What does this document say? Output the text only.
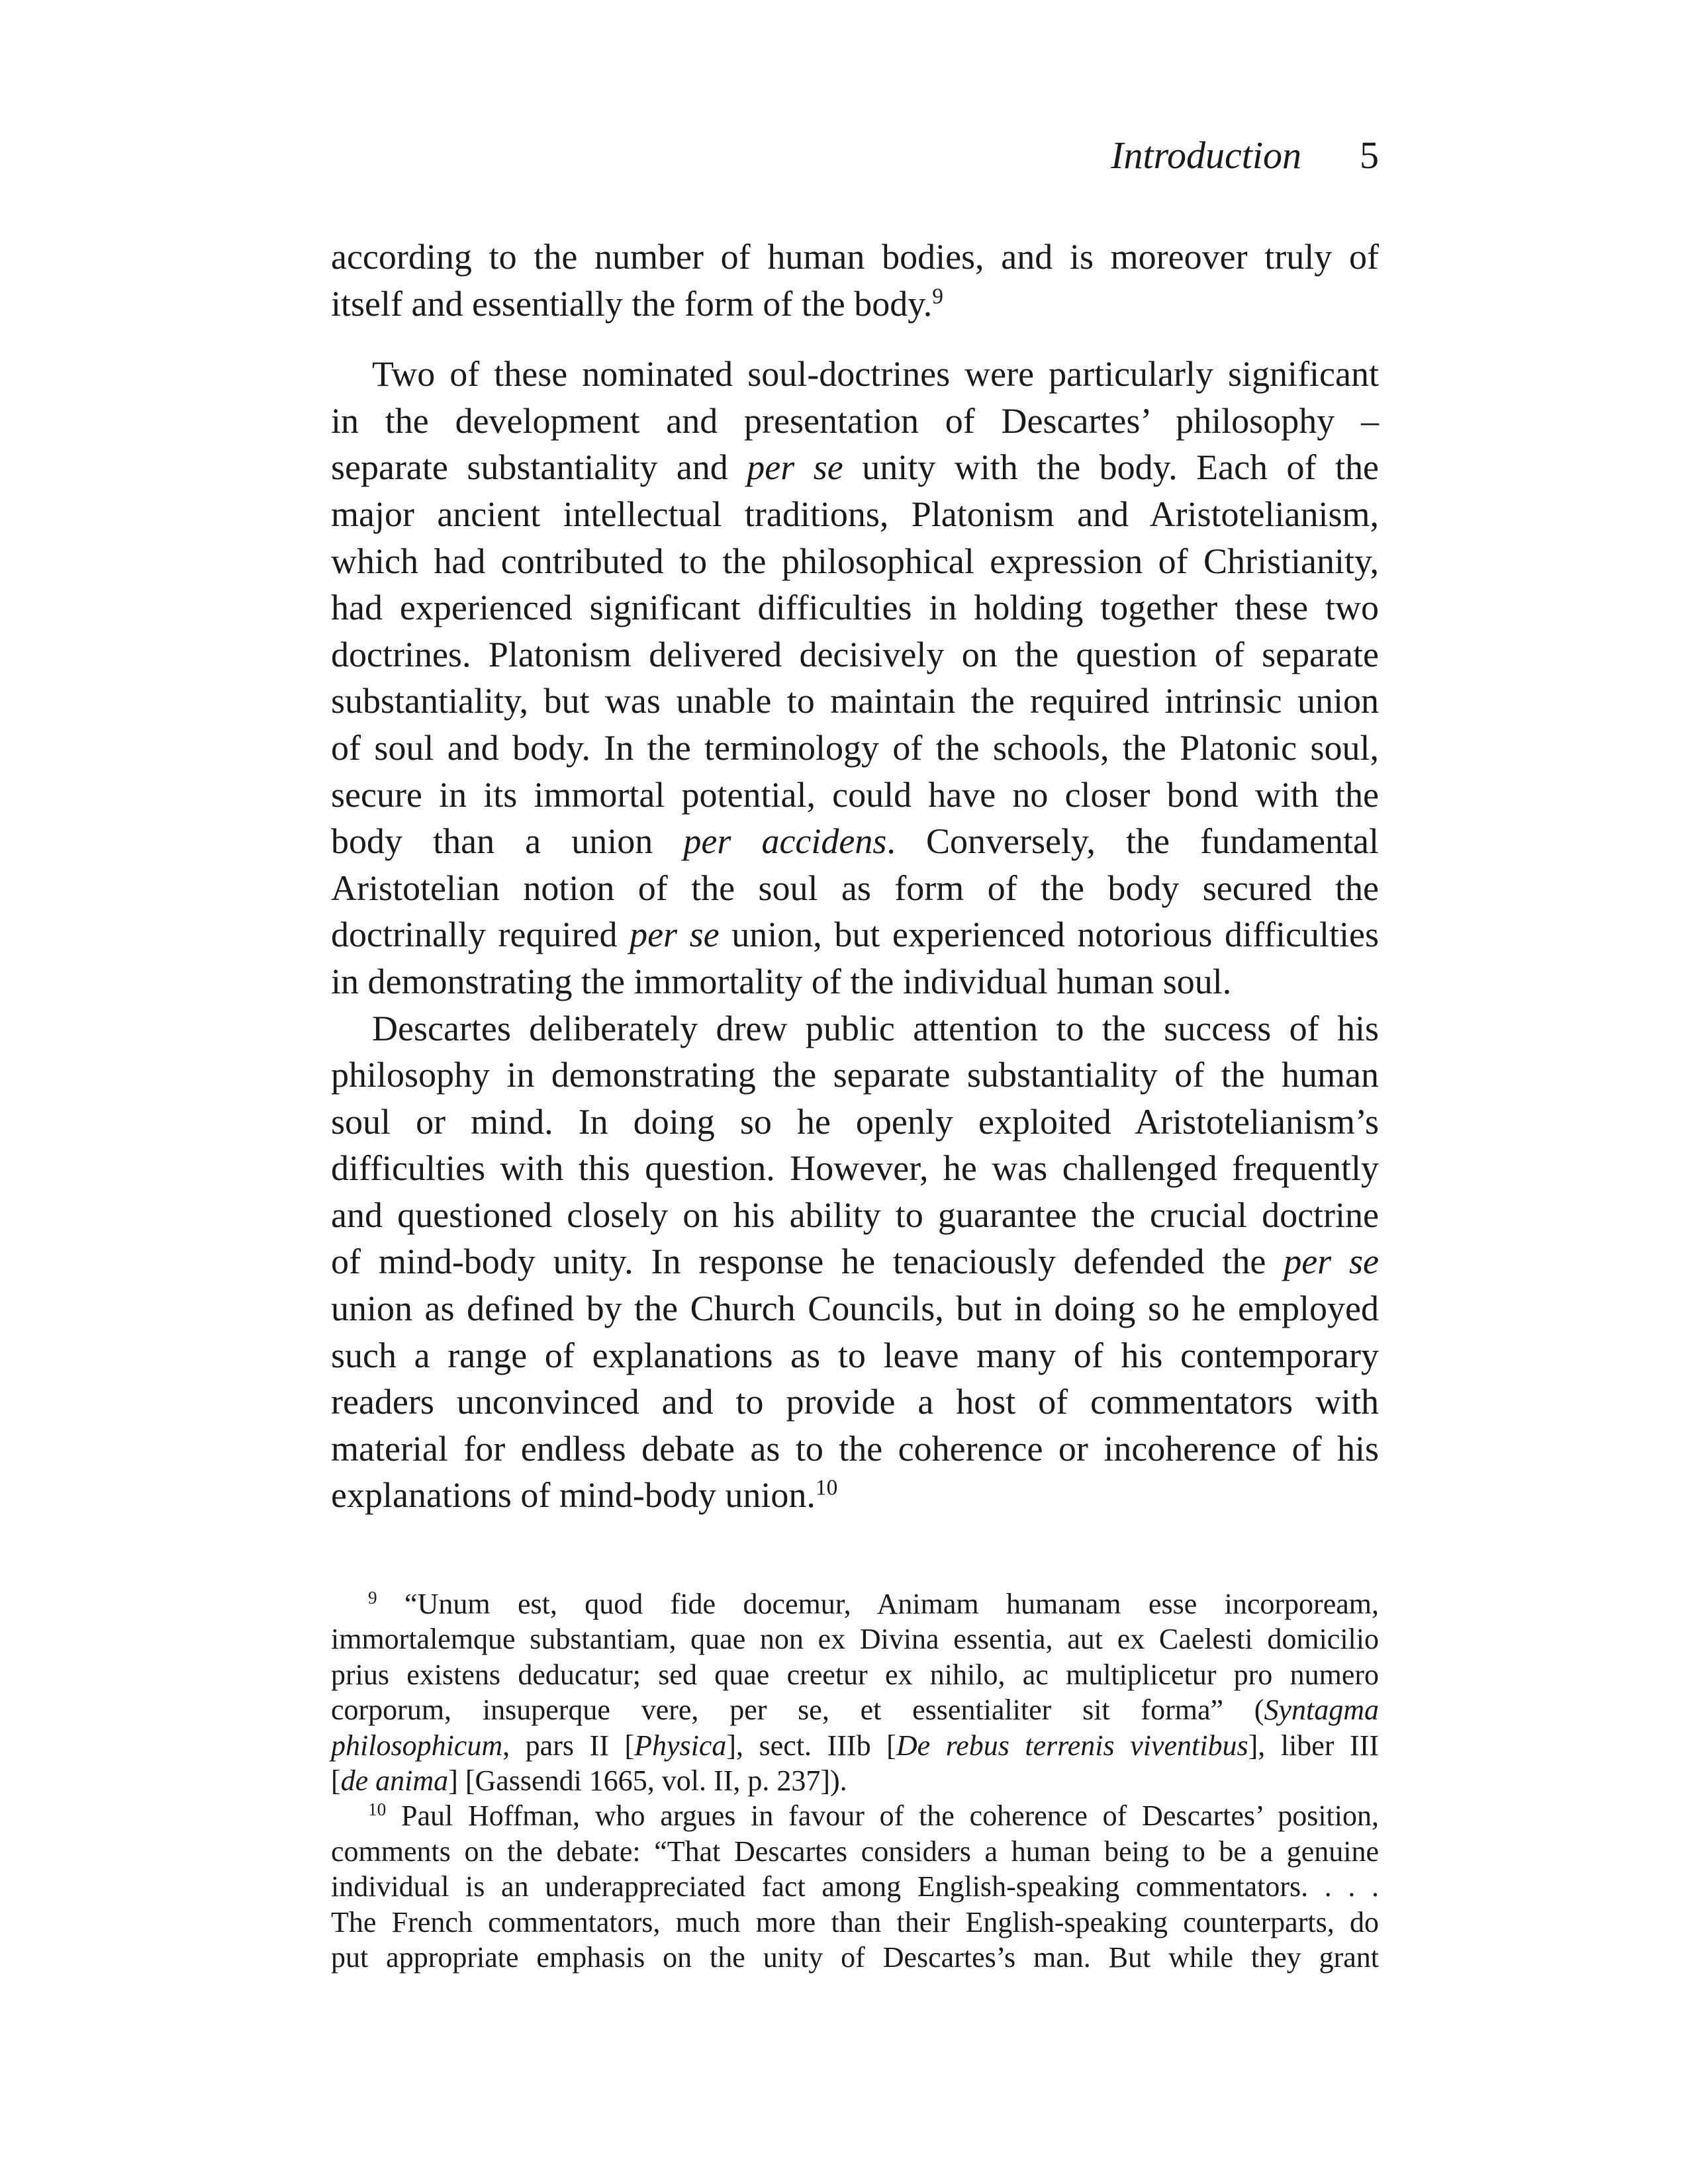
Introduction 5
according to the number of human bodies, and is moreover truly of
itself and essentially the form of the body.$^9$
Two of these nominated soul-doctrines were particularly significant
in the development and presentation of Descartes’ philosophy –
separate substantiality and per se unity with the body. Each of the
major ancient intellectual traditions, Platonism and Aristotelianism,
which had contributed to the philosophical expression of Christianity,
had experienced significant difficulties in holding together these two
doctrines. Platonism delivered decisively on the question of separate
substantiality, but was unable to maintain the required intrinsic union
of soul and body. In the terminology of the schools, the Platonic soul,
secure in its immortal potential, could have no closer bond with the
body than a union per accidens. Conversely, the fundamental
Aristotelian notion of the soul as form of the body secured the
doctrinally required per se union, but experienced notorious difficulties
in demonstrating the immortality of the individual human soul.
Descartes deliberately drew public attention to the success of his
philosophy in demonstrating the separate substantiality of the human
soul or mind. In doing so he openly exploited Aristotelianism’s
difficulties with this question. However, he was challenged frequently
and questioned closely on his ability to guarantee the crucial doctrine
of mind-body unity. In response he tenaciously defended the per se
union as defined by the Church Councils, but in doing so he employed
such a range of explanations as to leave many of his contemporary
readers unconvinced and to provide a host of commentators with
material for endless debate as to the coherence or incoherence of his
explanations of mind-body union.$^{10}$
$^9$ “Unum est, quod fide docemur, Animam humanam esse incorpoream,
immortalemque substantiam, quae non ex Divina essentia, aut ex Caelesti domicilio
prius existens deducatur; sed quae creetur ex nihilo, ac multiplicetur pro numero
corporum, insuperque vere, per se, et essentialiter sit forma” (Syntagma
philosophicum, pars II [Physica], sect. IIIb [De rebus terrenis viventibus], liber III
[de anima] [Gassendi 1665, vol. II, p. 237]).
$^{10}$ Paul Hoffman, who argues in favour of the coherence of Descartes’ position,
comments on the debate: “That Descartes considers a human being to be a genuine
individual is an underappreciated fact among English-speaking commentators. . . .
The French commentators, much more than their English-speaking counterparts, do
put appropriate emphasis on the unity of Descartes’s man. But while they grant
